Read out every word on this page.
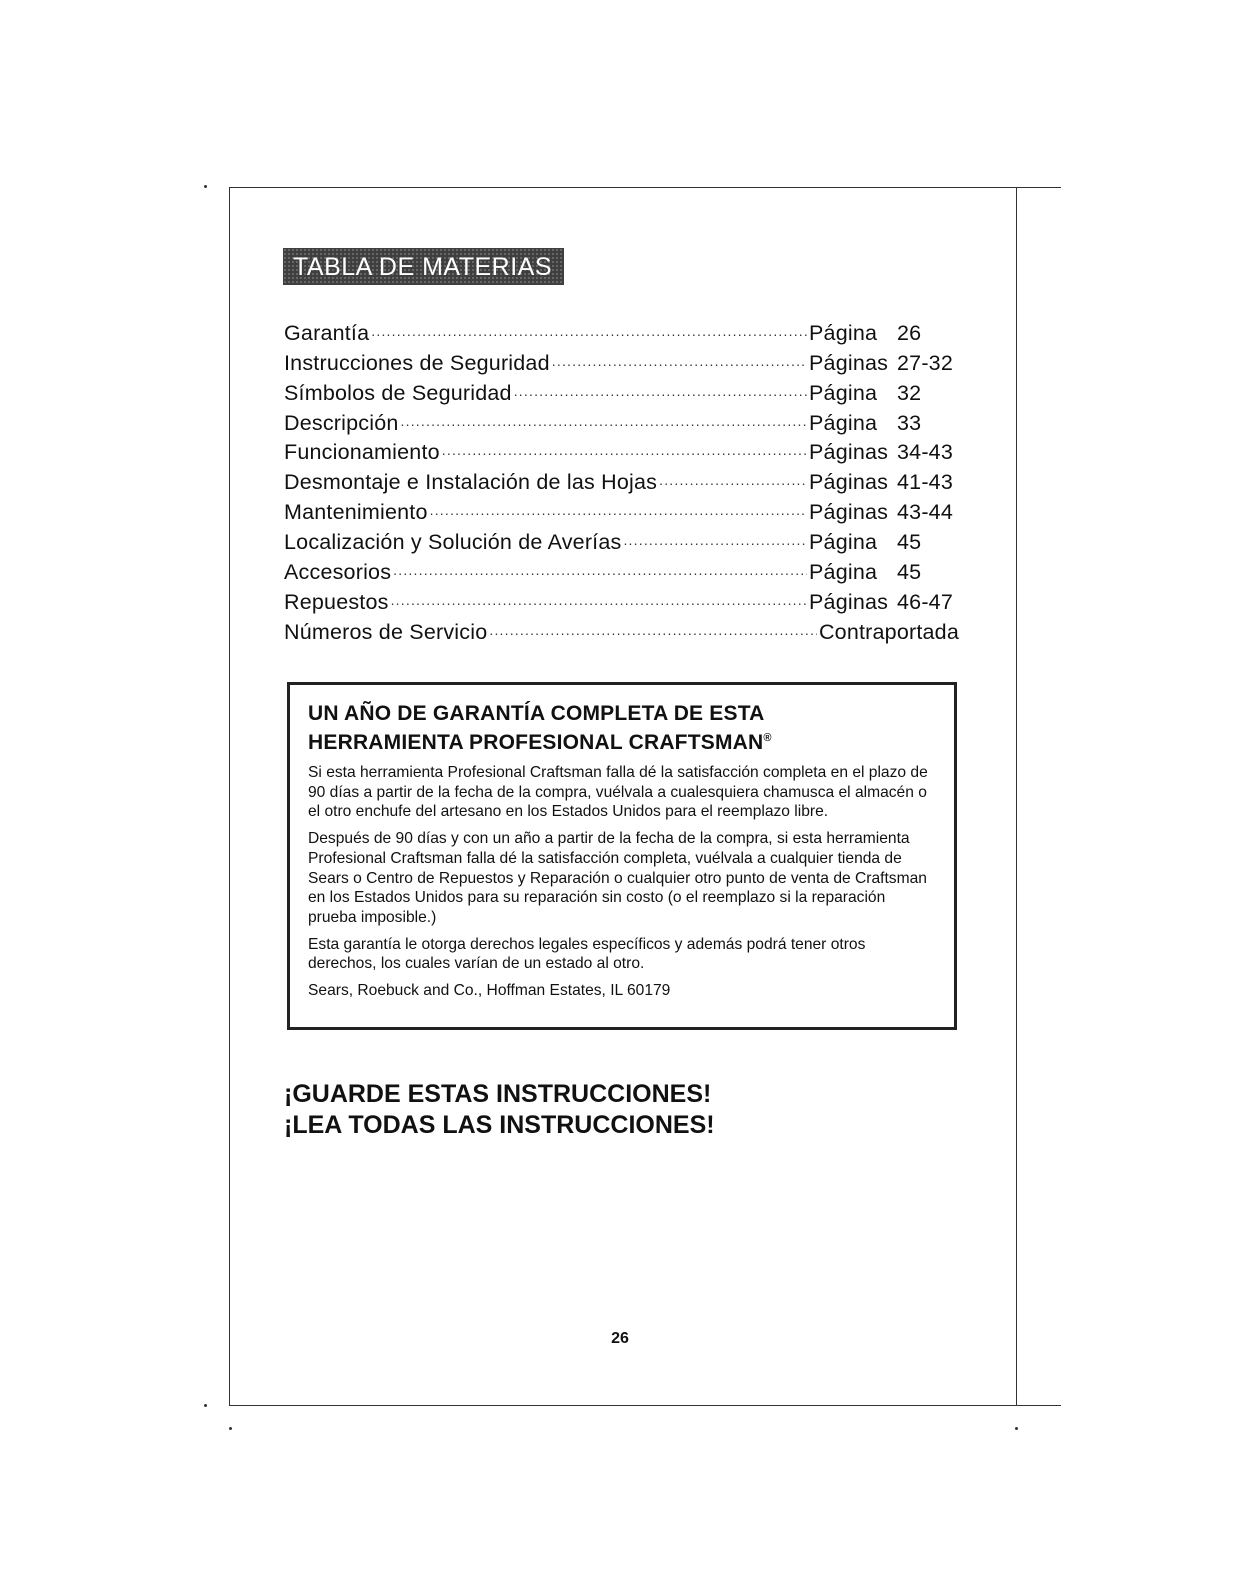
TABLA DE MATERIAS
Garantía .....	Página 26
Instrucciones de Seguridad .....	Páginas 27-32
Símbolos de Seguridad .....	Página 32
Descripción .....	Página 33
Funcionamiento .....	Páginas 34-43
Desmontaje e Instalación de las Hojas .....	Páginas 41-43
Mantenimiento .....	Páginas 43-44
Localización y Solución de Averías .....	Página 45
Accesorios .....	Página 45
Repuestos .....	Páginas 46-47
Números de Servicio .....	Contraportada
UN AÑO DE GARANTÍA COMPLETA DE ESTA
HERRAMIENTA PROFESIONAL CRAFTSMAN®

Si esta herramienta Profesional Craftsman falla dé la satisfacción completa en el plazo de 90 días a partir de la fecha de la compra, vuélvala a cualesquiera chamusca el almacén o el otro enchufe del artesano en los Estados Unidos para el reemplazo libre.

Después de 90 días y con un año a partir de la fecha de la compra, si esta herramienta Profesional Craftsman falla dé la satisfacción completa, vuélvala a cualquier tienda de Sears o Centro de Repuestos y Reparación o cualquier otro punto de venta de Craftsman en los Estados Unidos para su reparación sin costo (o el reemplazo si la reparación prueba imposible.)

Esta garantía le otorga derechos legales específicos y además podrá tener otros derechos, los cuales varían de un estado al otro.

Sears, Roebuck and Co., Hoffman Estates, IL 60179

¡GUARDE ESTAS INSTRUCCIONES!
¡LEA TODAS LAS INSTRUCCIONES!
26
